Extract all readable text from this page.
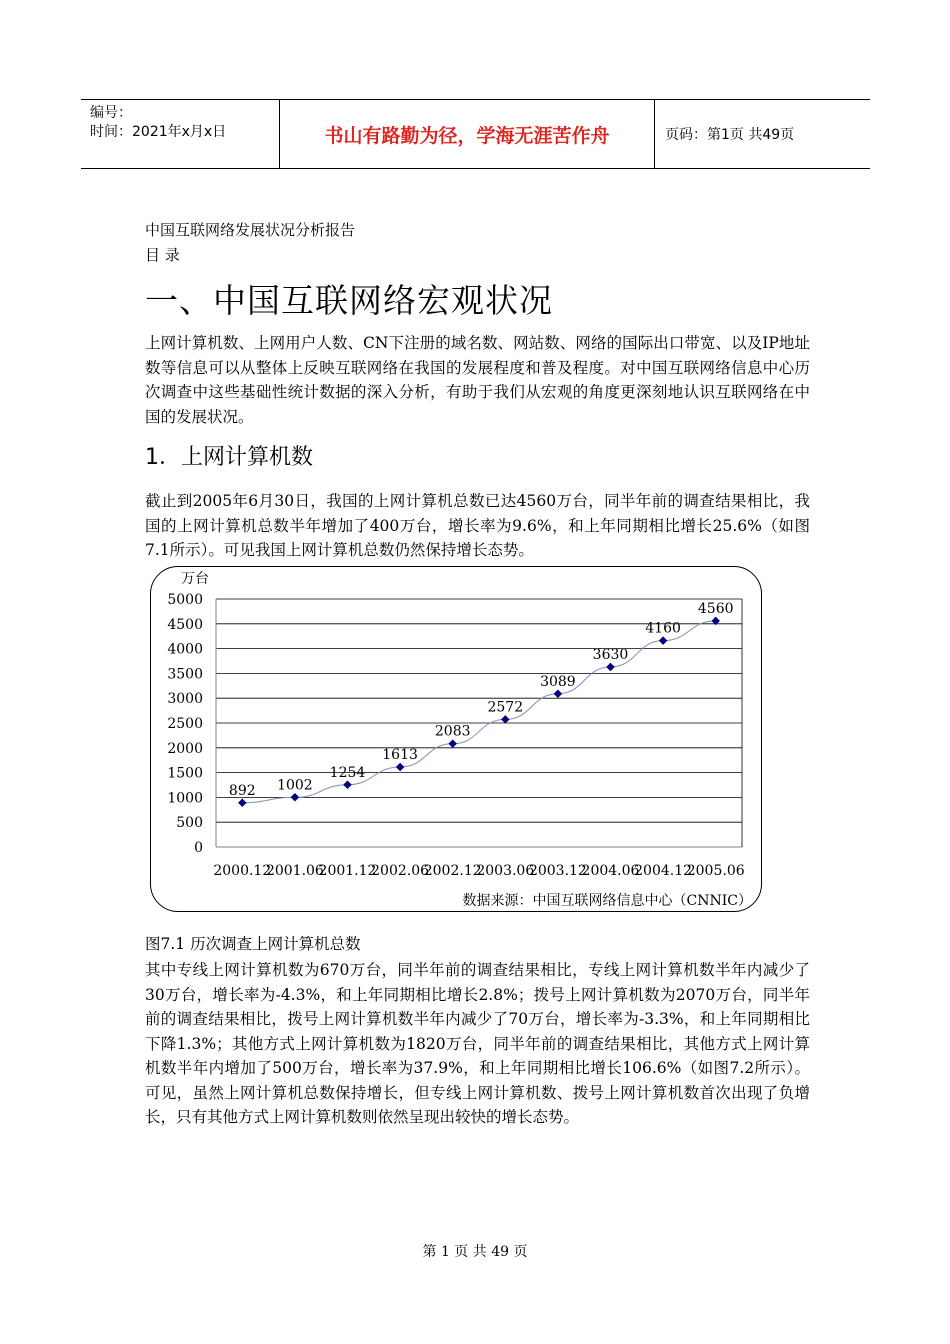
编号：
时间：2021年x月x日	书山有路勤为径，学海无涯苦作舟	页码：第1页 共49页
中国互联网络发展状况分析报告
目 录
一、中国互联网络宏观状况
上网计算机数、上网用户人数、CN下注册的域名数、网站数、网络的国际出口带宽、以及IP地址数等信息可以从整体上反映互联网络在我国的发展程度和普及程度。对中国互联网络信息中心历次调查中这些基础性统计数据的深入分析，有助于我们从宏观的角度更深刻地认识互联网络在中国的发展状况。
1．上网计算机数
截止到2005年6月30日，我国的上网计算机总数已达4560万台，同半年前的调查结果相比，我国的上网计算机总数半年增加了400万台，增长率为9.6%，和上年同期相比增长25.6%（如图7.1所示）。可见我国上网计算机总数仍然保持增长态势。
万台
0
500
1000
1500
2000
2500
3000
3500
4000
4500
5000
2000.12
2001.06
2001.12
2002.06
2002.12
2003.06
2003.12
2004.06
2004.12
2005.06
892 1002
1254
1613
2083
2572
3089
3630
4160
4560
数据来源：中国互联网络信息中心（CNNIC）
图7.1 历次调查上网计算机总数
其中专线上网计算机数为670万台，同半年前的调查结果相比，专线上网计算机数半年内减少了30万台，增长率为-4.3%，和上年同期相比增长2.8%；拨号上网计算机数为2070万台，同半年前的调查结果相比，拨号上网计算机数半年内减少了70万台，增长率为-3.3%，和上年同期相比下降1.3%；其他方式上网计算机数为1820万台，同半年前的调查结果相比，其他方式上网计算机数半年内增加了500万台，增长率为37.9%，和上年同期相比增长106.6%（如图7.2所示）。可见，虽然上网计算机总数保持增长，但专线上网计算机数、拨号上网计算机数首次出现了负增长，只有其他方式上网计算机数则依然呈现出较快的增长态势。
第 1 页 共 49 页
